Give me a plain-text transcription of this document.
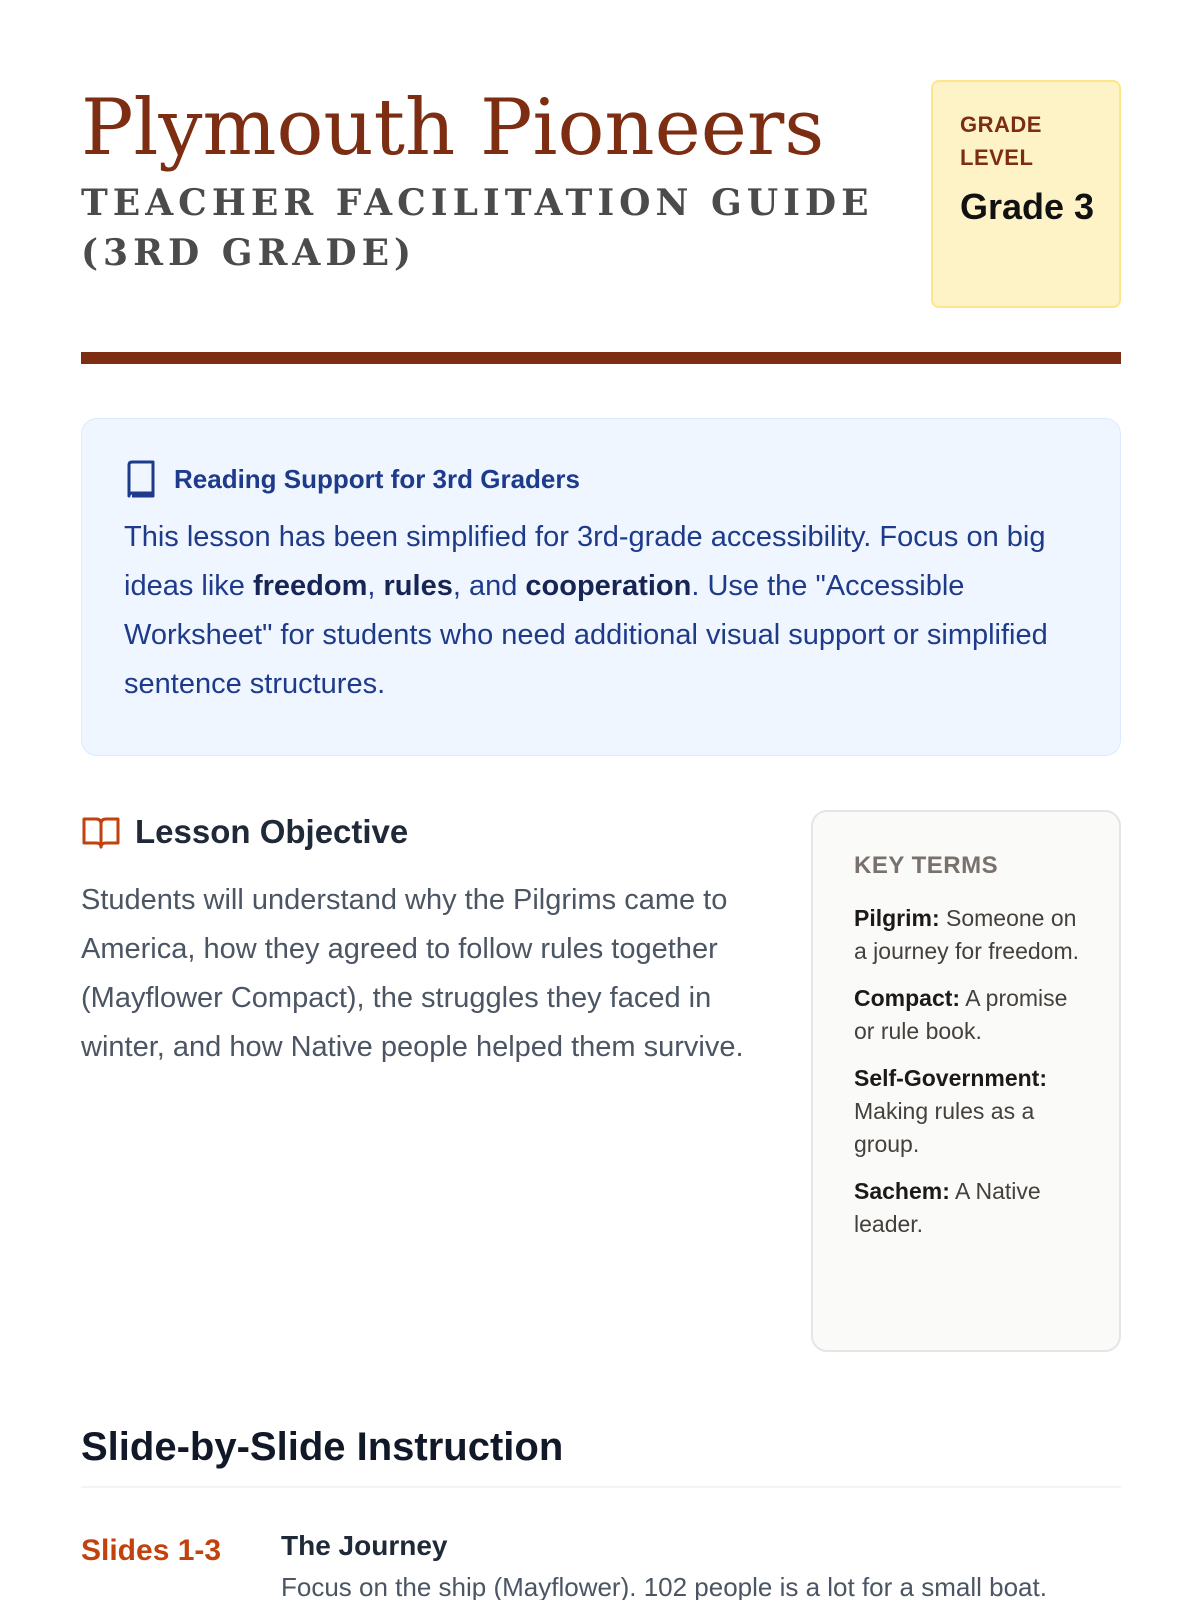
Plymouth Pioneers
TEACHER FACILITATION GUIDE (3RD GRADE)
GRADE LEVEL
Grade 3
Reading Support for 3rd Graders
This lesson has been simplified for 3rd-grade accessibility. Focus on big ideas like freedom, rules, and cooperation. Use the "Accessible Worksheet" for students who need additional visual support or simplified sentence structures.
Lesson Objective
Students will understand why the Pilgrims came to America, how they agreed to follow rules together (Mayflower Compact), the struggles they faced in winter, and how Native people helped them survive.
KEY TERMS
Pilgrim: Someone on a journey for freedom.
Compact: A promise or rule book.
Self-Government: Making rules as a group.
Sachem: A Native leader.
Slide-by-Slide Instruction
Slides 1-3 The Journey
Focus on the ship (Mayflower). 102 people is a lot for a small boat.
